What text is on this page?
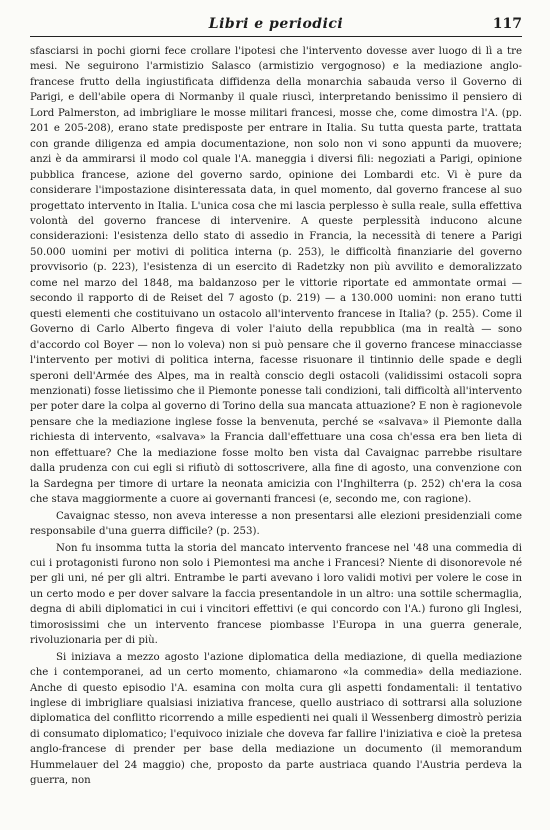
Libri e periodici	117

sfasciarsi in pochi giorni fece crollare l'ipotesi che l'intervento dovesse aver luogo di lì a tre mesi. Ne seguirono l'armistizio Salasco (armistizio vergognoso) e la mediazione anglo-francese frutto della ingiustificata diffidenza della monarchia sabauda verso il Governo di Parigi, e dell'abile opera di Normanby il quale riuscì, interpretando benissimo il pensiero di Lord Palmerston, ad imbrigliare le mosse militari francesi, mosse che, come dimostra l'A. (pp. 201 e 205-208), erano state predisposte per entrare in Italia. Su tutta questa parte, trattata con grande diligenza ed ampia documentazione, non solo non vi sono appunti da muovere; anzi è da ammirarsi il modo col quale l'A. maneggia i diversi fili: negoziati a Parigi, opinione pubblica francese, azione del governo sardo, opinione dei Lombardi etc. Vi è pure da considerare l'impostazione disinteressata data, in quel momento, dal governo francese al suo progettato intervento in Italia. L'unica cosa che mi lascia perplesso è sulla reale, sulla effettiva volontà del governo francese di intervenire. A queste perplessità inducono alcune considerazioni: l'esistenza dello stato di assedio in Francia, la necessità di tenere a Parigi 50.000 uomini per motivi di politica interna (p. 253), le difficoltà finanziarie del governo provvisorio (p. 223), l'esistenza di un esercito di Radetzky non più avvilito e demoralizzato come nel marzo del 1848, ma baldanzoso per le vittorie riportate ed ammontate ormai — secondo il rapporto di de Reiset del 7 agosto (p. 219) — a 130.000 uomini: non erano tutti questi elementi che costituivano un ostacolo all'intervento francese in Italia? (p. 255). Come il Governo di Carlo Alberto fingeva di voler l'aiuto della repubblica (ma in realtà — sono d'accordo col Boyer — non lo voleva) non si può pensare che il governo francese minacciasse l'intervento per motivi di politica interna, facesse risuonare il tintinnio delle spade e degli speroni dell'Armée des Alpes, ma in realtà conscio degli ostacoli (validissimi ostacoli sopra menzionati) fosse lietissimo che il Piemonte ponesse tali condizioni, tali difficoltà all'intervento per poter dare la colpa al governo di Torino della sua mancata attuazione? E non è ragionevole pensare che la mediazione inglese fosse la benvenuta, perché se «salvava» il Piemonte dalla richiesta di intervento, «salvava» la Francia dall'effettuare una cosa ch'essa era ben lieta di non effettuare? Che la mediazione fosse molto ben vista dal Cavaignac parrebbe risultare dalla prudenza con cui egli si rifiutò di sottoscrivere, alla fine di agosto, una convenzione con la Sardegna per timore di urtare la neonata amicizia con l'Inghilterra (p. 252) ch'era la cosa che stava maggiormente a cuore ai governanti francesi (e, secondo me, con ragione).

Cavaignac stesso, non aveva interesse a non presentarsi alle elezioni presidenziali come responsabile d'una guerra difficile? (p. 253).

Non fu insomma tutta la storia del mancato intervento francese nel '48 una commedia di cui i protagonisti furono non solo i Piemontesi ma anche i Francesi? Niente di disonorevole né per gli uni, né per gli altri. Entrambe le parti avevano i loro validi motivi per volere le cose in un certo modo e per dover salvare la faccia presentandole in un altro: una sottile schermaglia, degna di abili diplomatici in cui i vincitori effettivi (e qui concordo con l'A.) furono gli Inglesi, timorosissimi che un intervento francese piombasse l'Europa in una guerra generale, rivoluzionaria per di più.

Si iniziava a mezzo agosto l'azione diplomatica della mediazione, di quella mediazione che i contemporanei, ad un certo momento, chiamarono «la commedia» della mediazione. Anche di questo episodio l'A. esamina con molta cura gli aspetti fondamentali: il tentativo inglese di imbrigliare qualsiasi iniziativa francese, quello austriaco di sottrarsi alla soluzione diplomatica del conflitto ricorrendo a mille espedienti nei quali il Wessenberg dimostrò perizia di consumato diplomatico; l'equivoco iniziale che doveva far fallire l'iniziativa e cioè la pretesa anglo-francese di prender per base della mediazione un documento (il memorandum Hummelauer del 24 maggio) che, proposto da parte austriaca quando l'Austria perdeva la guerra, non
